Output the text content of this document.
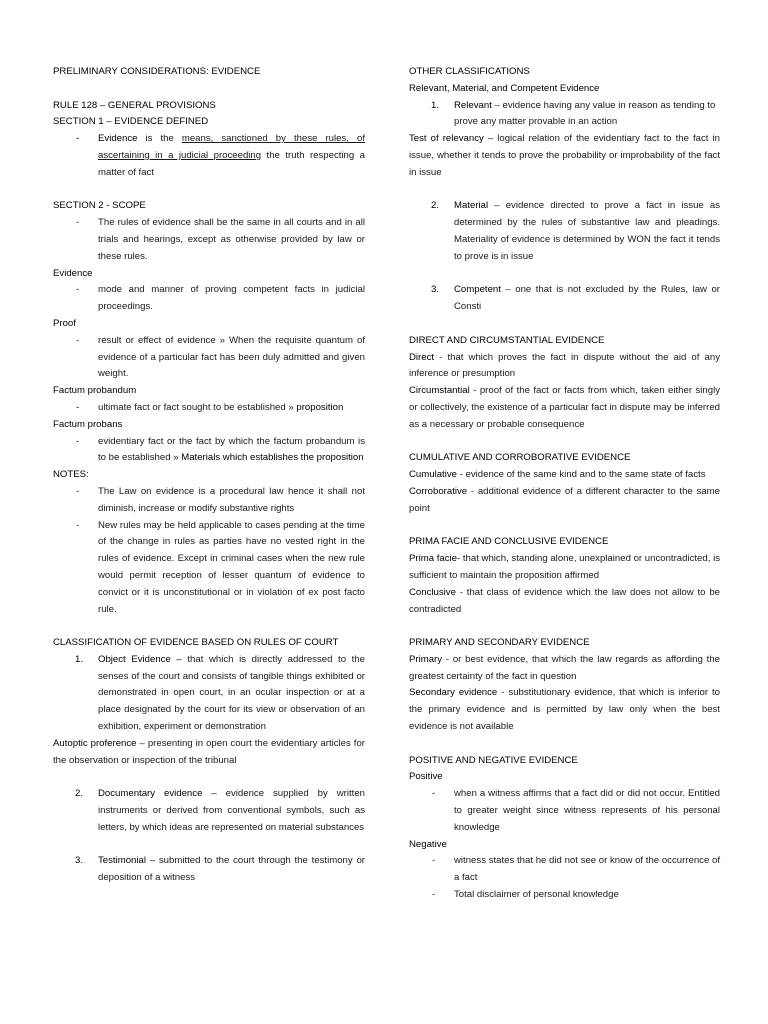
PRELIMINARY CONSIDERATIONS: EVIDENCE

RULE 128 – GENERAL PROVISIONS

SECTION 1 – EVIDENCE DEFINED

-	Evidence is the means, sanctioned by these rules, of ascertaining in a judicial proceeding the truth respecting a matter of fact

SECTION 2 - SCOPE

-	The rules of evidence shall be the same in all courts and in all trials and hearings, except as otherwise provided by law or these rules.

Evidence

-	mode and manner of proving competent facts in judicial proceedings.

Proof

-	result or effect of evidence » When the requisite quantum of evidence of a particular fact has been duly admitted and given weight.

Factum probandum

-	ultimate fact or fact sought to be established » proposition

Factum probans

-	evidentiary fact or the fact by which the factum probandum is to be established » Materials which establishes the proposition

NOTES:

-	The Law on evidence is a procedural law hence it shall not diminish, increase or modify substantive rights
-	New rules may be held applicable to cases pending at the time of the change in rules as parties have no vested right in the rules of evidence. Except in criminal cases when the new rule would permit reception of lesser quantum of evidence to convict or it is unconstitutional or in violation of ex post facto rule.

CLASSIFICATION OF EVIDENCE BASED ON RULES OF COURT

1.	Object Evidence – that which is directly addressed to the senses of the court and consists of tangible things exhibited or demonstrated in open court, in an ocular inspection or at a place designated by the court for its view or observation of an exhibition, experiment or demonstration
Autoptic proference – presenting in open court the evidentiary articles for the observation or inspection of the tribunal
2.	Documentary evidence – evidence supplied by written instruments or derived from conventional symbols, such as letters, by which ideas are represented on material substances
3.	Testimonial – submitted to the court through the testimony or deposition of a witness

OTHER CLASSIFICATIONS

Relevant, Material, and Competent Evidence

1.	Relevant – evidence having any value in reason as tending to prove any matter provable in an action
Test of relevancy – logical relation of the evidentiary fact to the fact in issue, whether it tends to prove the probability or improbability of the fact in issue
2.	Material – evidence directed to prove a fact in issue as determined by the rules of substantive law and pleadings. Materiality of evidence is determined by WON the fact it tends to prove is in issue
3.	Competent – one that is not excluded by the Rules, law or Consti

DIRECT AND CIRCUMSTANTIAL EVIDENCE

Direct - that which proves the fact in dispute without the aid of any inference or presumption
Circumstantial - proof of the fact or facts from which, taken either singly or collectively, the existence of a particular fact in dispute may be inferred as a necessary or probable consequence

CUMULATIVE AND CORROBORATIVE EVIDENCE

Cumulative - evidence of the same kind and to the same state of facts
Corroborative - additional evidence of a different character to the same point

PRIMA FACIE AND CONCLUSIVE EVIDENCE

Prima facie- that which, standing alone, unexplained or uncontradicted, is sufficient to maintain the proposition affirmed
Conclusive - that class of evidence which the law does not allow to be contradicted

PRIMARY AND SECONDARY EVIDENCE

Primary - or best evidence, that which the law regards as affording the greatest certainty of the fact in question
Secondary evidence - substitutionary evidence, that which is inferior to the primary evidence and is permitted by law only when the best evidence is not available

POSITIVE AND NEGATIVE EVIDENCE

Positive

-	when a witness affirms that a fact did or did not occur. Entitled to greater weight since witness represents of his personal knowledge

Negative

-	witness states that he did not see or know of the occurrence of a fact
-	Total disclaimer of personal knowledge
